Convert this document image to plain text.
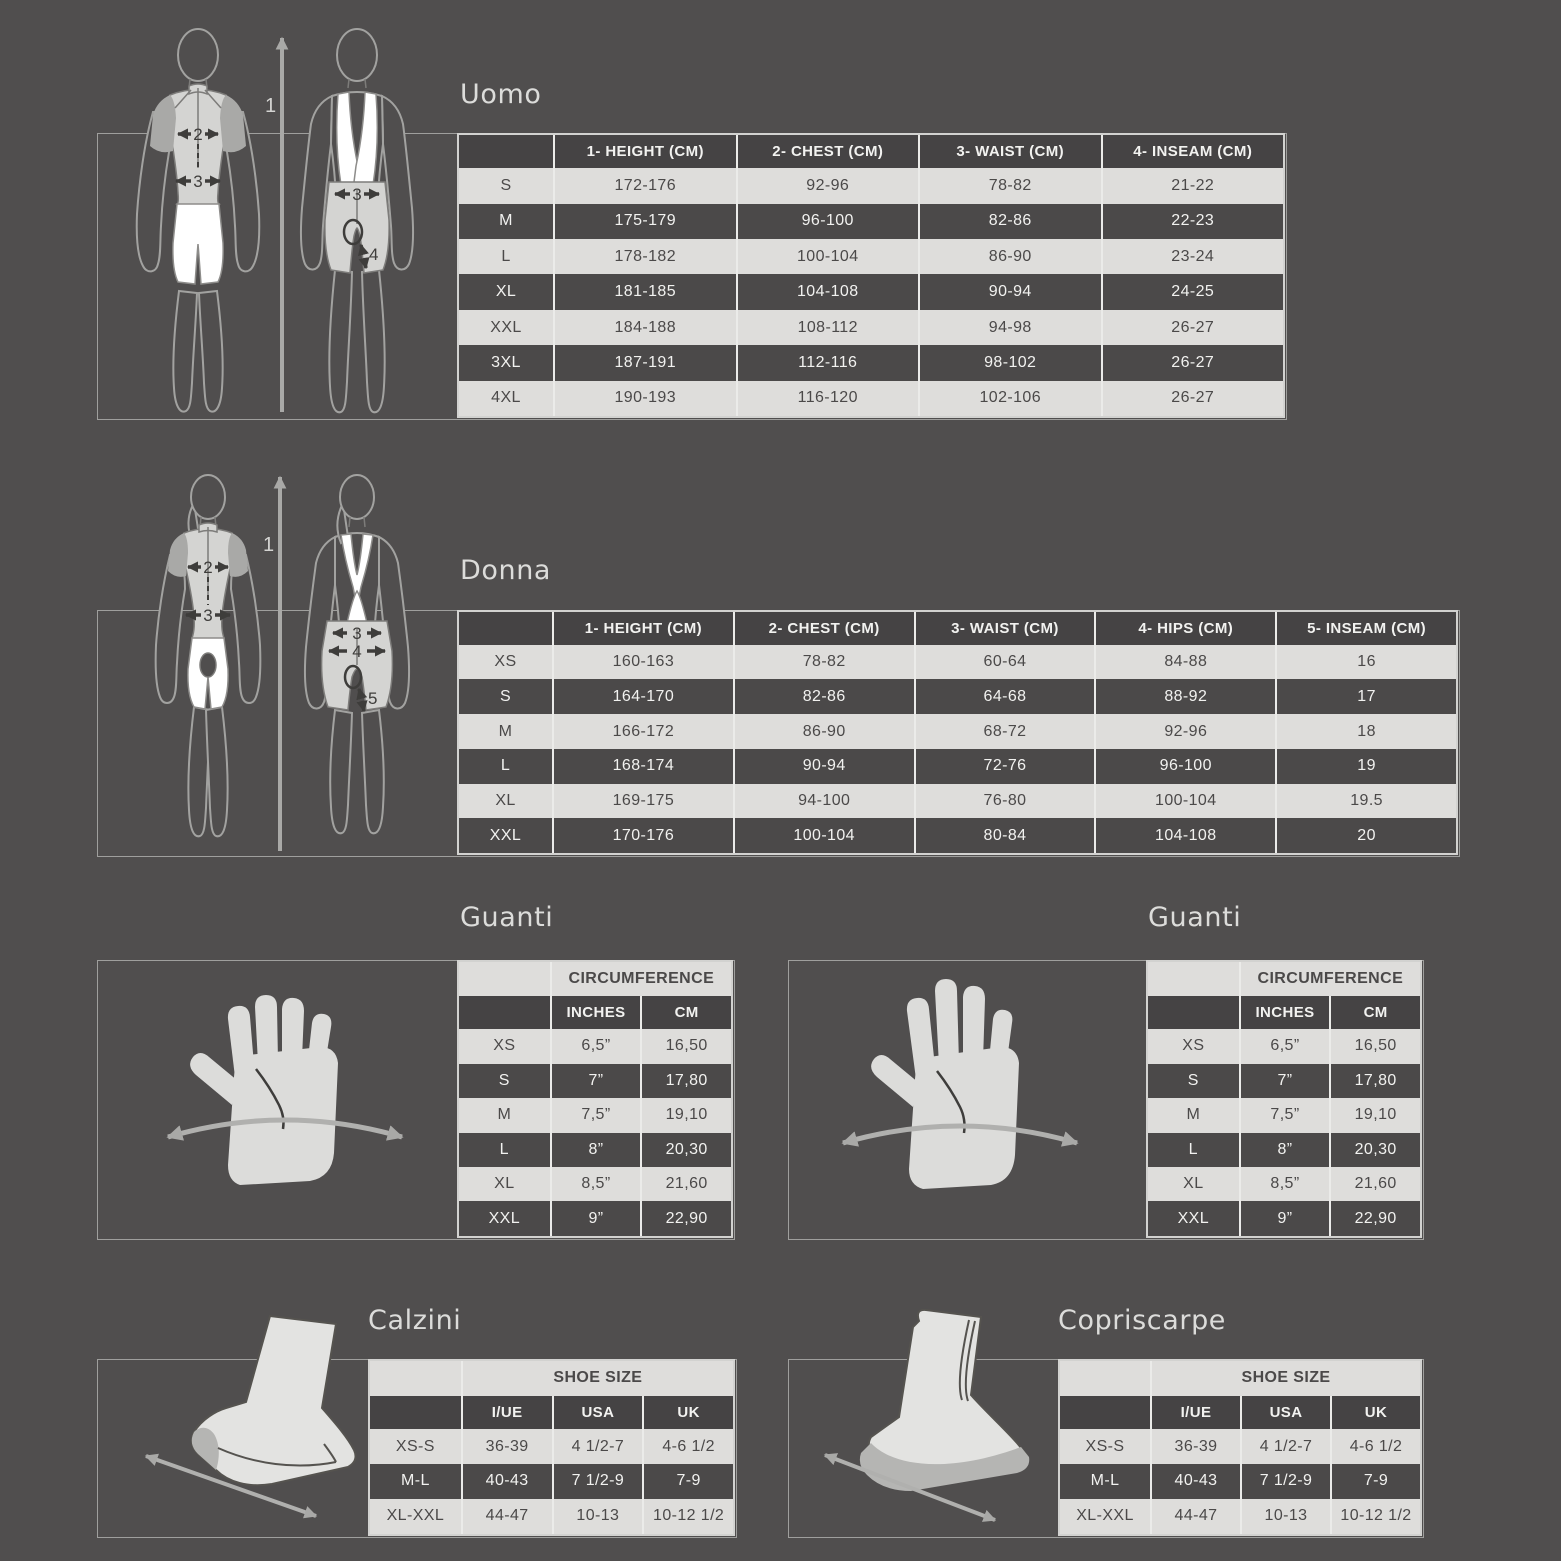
Uomo
Donna
Guanti	Guanti
Calzini	Copriscarpe
	1- HEIGHT (CM)	2- CHEST (CM)	3- WAIST (CM)	4- INSEAM (CM)
S	172-176	92-96	78-82	21-22
M	175-179	96-100	82-86	22-23
L	178-182	100-104	86-90	23-24
XL	181-185	104-108	90-94	24-25
XXL	184-188	108-112	94-98	26-27
3XL	187-191	112-116	98-102	26-27
4XL	190-193	116-120	102-106	26-27
	1- HEIGHT (CM)	2- CHEST (CM)	3- WAIST (CM)	4- HIPS (CM)	5- INSEAM (CM)
XS	160-163	78-82	60-64	84-88	16
S	164-170	82-86	64-68	88-92	17
M	166-172	86-90	68-72	92-96	18
L	168-174	90-94	72-76	96-100	19
XL	169-175	94-100	76-80	100-104	19.5
XXL	170-176	100-104	80-84	104-108	20
	CIRCUMFERENCE	
	INCHES	CM
XS	6,5”	16,50
S	7”	17,80
M	7,5”	19,10
L	8”	20,30
XL	8,5”	21,60
XXL	9”	22,90
	CIRCUMFERENCE	
	INCHES	CM
XS	6,5”	16,50
S	7”	17,80
M	7,5”	19,10
L	8”	20,30
XL	8,5”	21,60
XXL	9”	22,90
	SHOE SIZE		
	I/UE	USA	UK
XS-S	36-39	4 1/2-7	4-6 1/2
M-L	40-43	7 1/2-9	7-9
XL-XXL	44-47	10-13	10-12 1/2
	SHOE SIZE		
	I/UE	USA	UK
XS-S	36-39	4 1/2-7	4-6 1/2
M-L	40-43	7 1/2-9	7-9
XL-XXL	44-47	10-13	10-12 1/2
2
3
1
3
4
2
3
1
3
4
5
